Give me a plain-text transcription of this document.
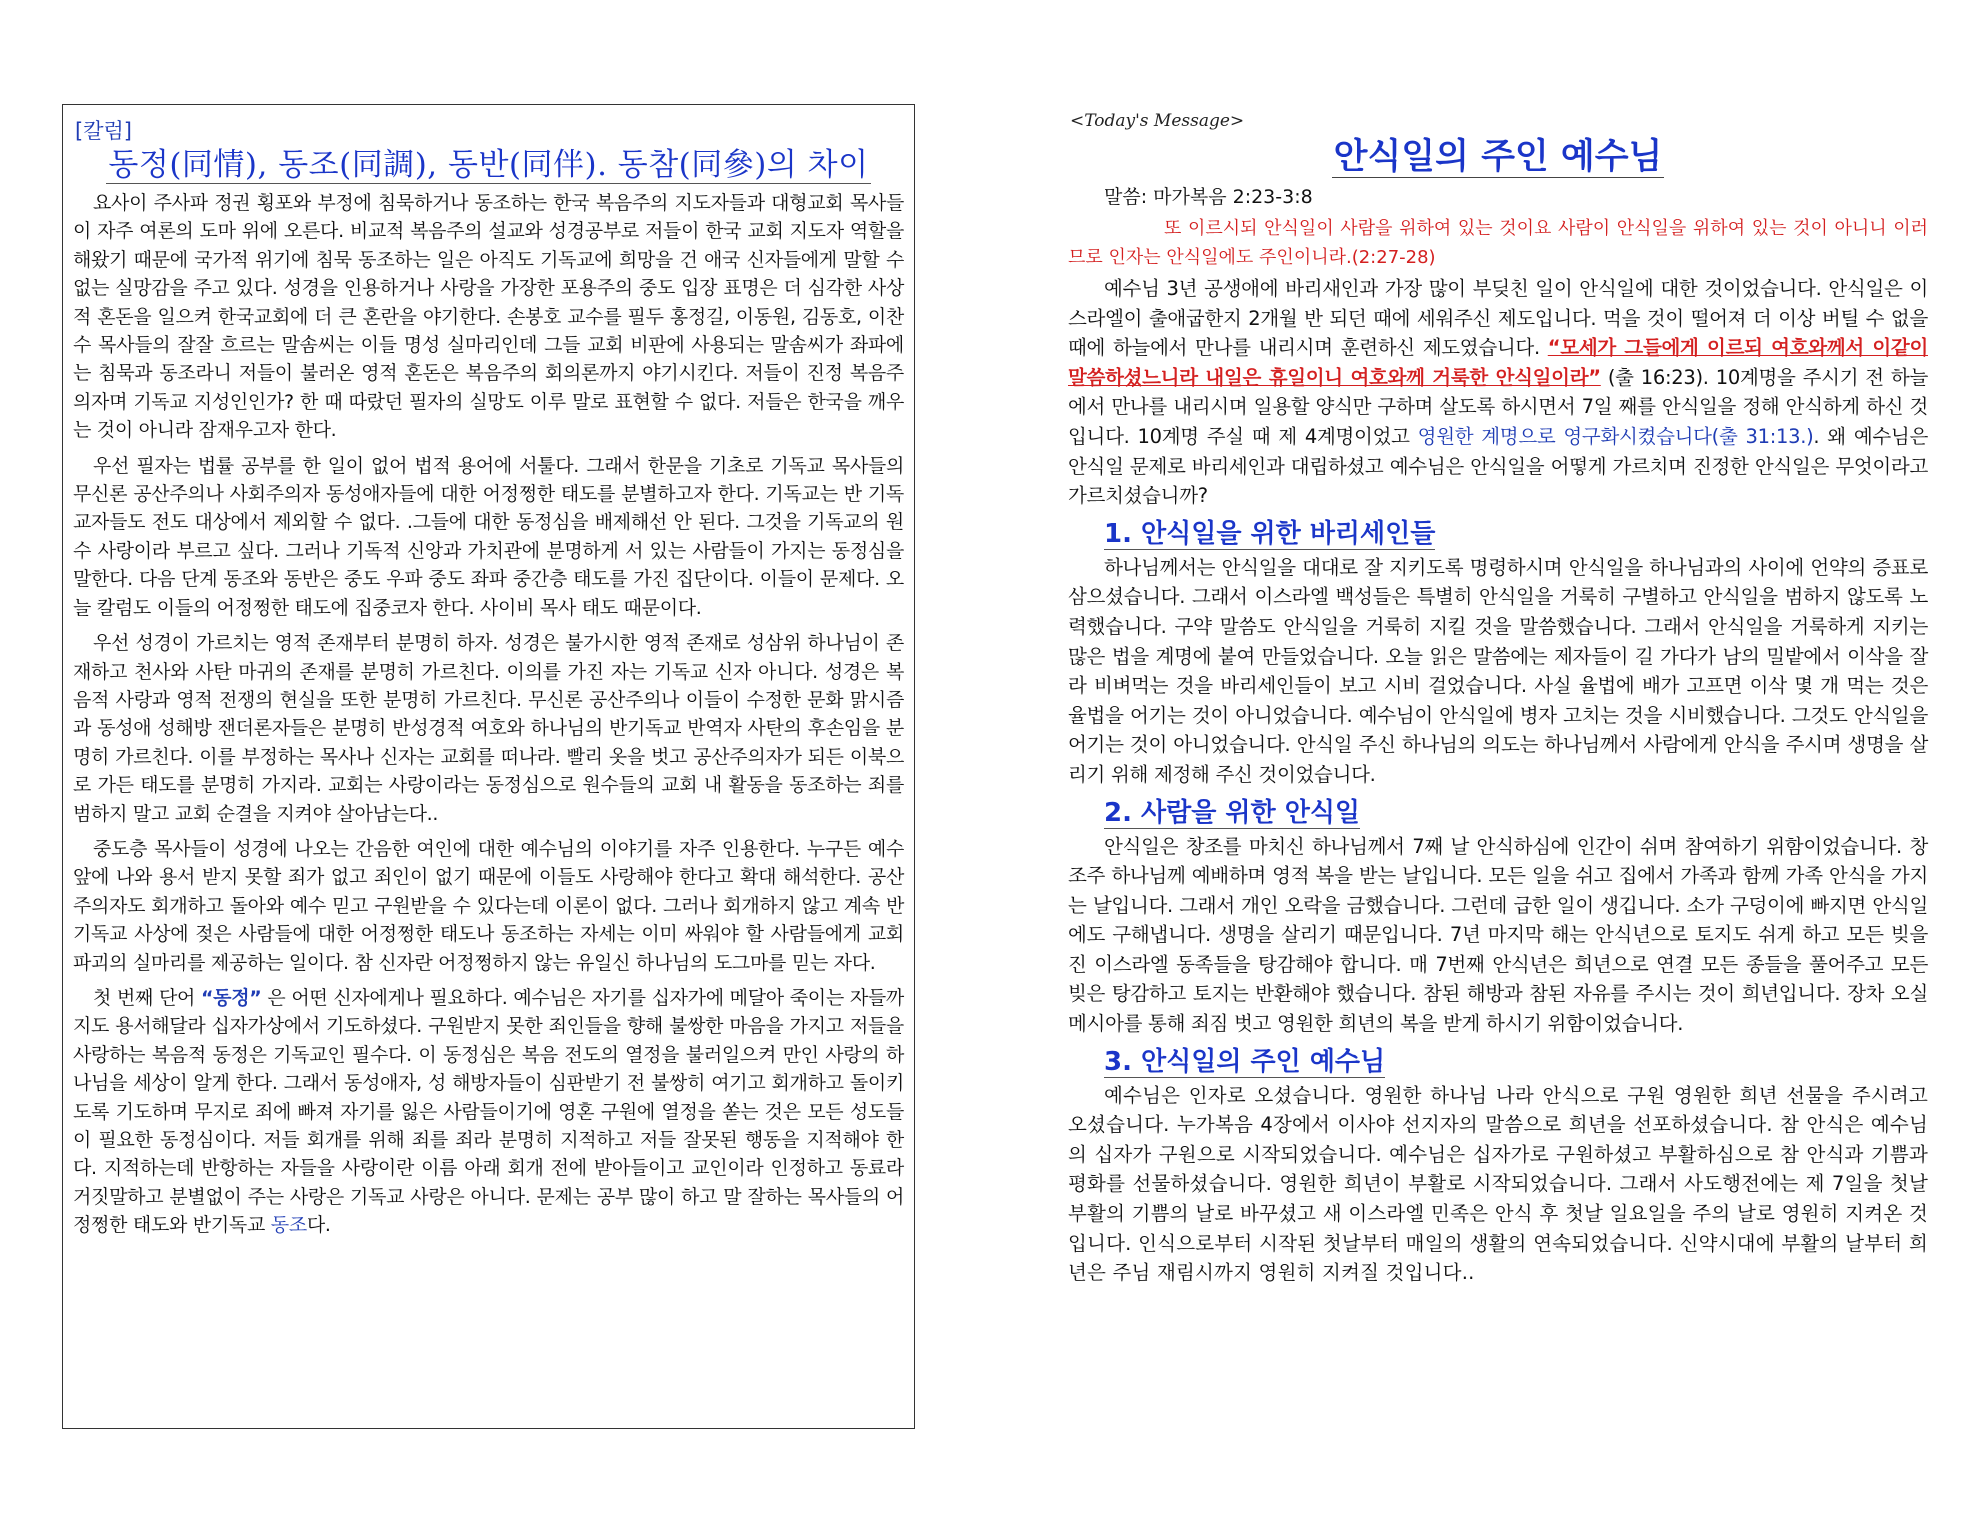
[칼럼]
동정(同情), 동조(同調), 동반(同伴). 동참(同參)의 차이

요사이 주사파 정권 횡포와 부정에 침묵하거나 동조하는 한국 복음주의 지도자들과 대형교회 목사들이 자주 여론의 도마 위에 오른다. 비교적 복음주의 설교와 성경공부로 저들이 한국 교회 지도자 역할을 해왔기 때문에 국가적 위기에 침묵 동조하는 일은 아직도 기독교에 희망을 건 애국 신자들에게 말할 수 없는 실망감을 주고 있다. 성경을 인용하거나 사랑을 가장한 포용주의 중도 입장 표명은 더 심각한 사상적 혼돈을 일으켜 한국교회에 더 큰 혼란을 야기한다. 손봉호 교수를 필두 홍정길, 이동원, 김동호, 이찬수 목사들의 잘잘 흐르는 말솜씨는 이들 명성 실마리인데 그들 교회 비판에 사용되는 말솜씨가 좌파에는 침묵과 동조라니 저들이 불러온 영적 혼돈은 복음주의 회의론까지 야기시킨다. 저들이 진정 복음주의자며 기독교 지성인인가? 한 때 따랐던 필자의 실망도 이루 말로 표현할 수 없다. 저들은 한국을 깨우는 것이 아니라 잠재우고자 한다.

우선 필자는 법률 공부를 한 일이 없어 법적 용어에 서툴다. 그래서 한문을 기초로 기독교 목사들의 무신론 공산주의나 사회주의자 동성애자들에 대한 어정쩡한 태도를 분별하고자 한다. 기독교는 반 기독교자들도 전도 대상에서 제외할 수 없다. .그들에 대한 동정심을 배제해선 안 된다. 그것을 기독교의 원수 사랑이라 부르고 싶다. 그러나 기독적 신앙과 가치관에 분명하게 서 있는 사람들이 가지는 동정심을 말한다. 다음 단계 동조와 동반은 중도 우파 중도 좌파 중간층 태도를 가진 집단이다. 이들이 문제다. 오늘 칼럼도 이들의 어정쩡한 태도에 집중코자 한다. 사이비 목사 태도 때문이다.

우선 성경이 가르치는 영적 존재부터 분명히 하자. 성경은 불가시한 영적 존재로 성삼위 하나님이 존재하고 천사와 사탄 마귀의 존재를 분명히 가르친다. 이의를 가진 자는 기독교 신자 아니다. 성경은 복음적 사랑과 영적 전쟁의 현실을 또한 분명히 가르친다. 무신론 공산주의나 이들이 수정한 문화 맑시즘과 동성애 성해방 잰더론자들은 분명히 반성경적 여호와 하나님의 반기독교 반역자 사탄의 후손임을 분명히 가르친다. 이를 부정하는 목사나 신자는 교회를 떠나라. 빨리 옷을 벗고 공산주의자가 되든 이북으로 가든 태도를 분명히 가지라. 교회는 사랑이라는 동정심으로 원수들의 교회 내 활동을 동조하는 죄를 범하지 말고 교회 순결을 지켜야 살아남는다..

중도층 목사들이 성경에 나오는 간음한 여인에 대한 예수님의 이야기를 자주 인용한다. 누구든 예수 앞에 나와 용서 받지 못할 죄가 없고 죄인이 없기 때문에 이들도 사랑해야 한다고 확대 해석한다. 공산주의자도 회개하고 돌아와 예수 믿고 구원받을 수 있다는데 이론이 없다. 그러나 회개하지 않고 계속 반기독교 사상에 젖은 사람들에 대한 어정쩡한 태도나 동조하는 자세는 이미 싸워야 할 사람들에게 교회 파괴의 실마리를 제공하는 일이다. 참 신자란 어정쩡하지 않는 유일신 하나님의 도그마를 믿는 자다.

첫 번째 단어 “동정” 은 어떤 신자에게나 필요하다. 예수님은 자기를 십자가에 메달아 죽이는 자들까지도 용서해달라 십자가상에서 기도하셨다. 구원받지 못한 죄인들을 향해 불쌍한 마음을 가지고 저들을 사랑하는 복음적 동정은 기독교인 필수다. 이 동정심은 복음 전도의 열정을 불러일으켜 만인 사랑의 하나님을 세상이 알게 한다. 그래서 동성애자, 성 해방자들이 심판받기 전 불쌍히 여기고 회개하고 돌이키도록 기도하며 무지로 죄에 빠져 자기를 잃은 사람들이기에 영혼 구원에 열정을 쏟는 것은 모든 성도들이 필요한 동정심이다. 저들 회개를 위해 죄를 죄라 분명히 지적하고 저들 잘못된 행동을 지적해야 한다. 지적하는데 반항하는 자들을 사랑이란 이름 아래 회개 전에 받아들이고 교인이라 인정하고 동료라 거짓말하고 분별없이 주는 사랑은 기독교 사랑은 아니다. 문제는 공부 많이 하고 말 잘하는 목사들의 어정쩡한 태도와 반기독교 동조다.

<Today's Message>
안식일의 주인 예수님
말씀: 마가복음 2:23-3:8

또 이르시되 안식일이 사람을 위하여 있는 것이요 사람이 안식일을 위하여 있는 것이 아니니 이러므로 인자는 안식일에도 주인이니라.(2:27-28)

예수님 3년 공생애에 바리새인과 가장 많이 부딪친 일이 안식일에 대한 것이었습니다. 안식일은 이스라엘이 출애굽한지 2개월 반 되던 때에 세워주신 제도입니다. 먹을 것이 떨어져 더 이상 버틸 수 없을 때에 하늘에서 만나를 내리시며 훈련하신 제도였습니다. “모세가 그들에게 이르되 여호와께서 이같이 말씀하셨느니라 내일은 휴일이니 여호와께 거룩한 안식일이라” (출 16:23). 10계명을 주시기 전 하늘에서 만나를 내리시며 일용할 양식만 구하며 살도록 하시면서 7일 째를 안식일을 정해 안식하게 하신 것입니다. 10계명 주실 때 제 4계명이었고 영원한 계명으로 영구화시켰습니다(출 31:13.). 왜 예수님은 안식일 문제로 바리세인과 대립하셨고 예수님은 안식일을 어떻게 가르치며 진정한 안식일은 무엇이라고 가르치셨습니까?

1. 안식일을 위한 바리세인들

하나님께서는 안식일을 대대로 잘 지키도록 명령하시며 안식일을 하나님과의 사이에 언약의 증표로 삼으셨습니다. 그래서 이스라엘 백성들은 특별히 안식일을 거룩히 구별하고 안식일을 범하지 않도록 노력했습니다. 구약 말씀도 안식일을 거룩히 지킬 것을 말씀했습니다. 그래서 안식일을 거룩하게 지키는 많은 법을 계명에 붙여 만들었습니다. 오늘 읽은 말씀에는 제자들이 길 가다가 남의 밀밭에서 이삭을 잘라 비벼먹는 것을 바리세인들이 보고 시비 걸었습니다. 사실 율법에 배가 고프면 이삭 몇 개 먹는 것은 율법을 어기는 것이 아니었습니다. 예수님이 안식일에 병자 고치는 것을 시비했습니다. 그것도 안식일을 어기는 것이 아니었습니다. 안식일 주신 하나님의 의도는 하나님께서 사람에게 안식을 주시며 생명을 살리기 위해 제정해 주신 것이었습니다.

2. 사람을 위한 안식일

안식일은 창조를 마치신 하나님께서 7째 날 안식하심에 인간이 쉬며 참여하기 위함이었습니다. 창조주 하나님께 예배하며 영적 복을 받는 날입니다. 모든 일을 쉬고 집에서 가족과 함께 가족 안식을 가지는 날입니다. 그래서 개인 오락을 금했습니다. 그런데 급한 일이 생깁니다. 소가 구덩이에 빠지면 안식일에도 구해냅니다. 생명을 살리기 때문입니다. 7년 마지막 해는 안식년으로 토지도 쉬게 하고 모든 빚을 진 이스라엘 동족들을 탕감해야 합니다. 매 7번째 안식년은 희년으로 연결 모든 종들을 풀어주고 모든 빚은 탕감하고 토지는 반환해야 했습니다. 참된 해방과 참된 자유를 주시는 것이 희년입니다. 장차 오실 메시아를 통해 죄짐 벗고 영원한 희년의 복을 받게 하시기 위함이었습니다.

3. 안식일의 주인 예수님

예수님은 인자로 오셨습니다. 영원한 하나님 나라 안식으로 구원 영원한 희년 선물을 주시려고 오셨습니다. 누가복음 4장에서 이사야 선지자의 말씀으로 희년을 선포하셨습니다. 참 안식은 예수님의 십자가 구원으로 시작되었습니다. 예수님은 십자가로 구원하셨고 부활하심으로 참 안식과 기쁨과 평화를 선물하셨습니다. 영원한 희년이 부활로 시작되었습니다. 그래서 사도행전에는 제 7일을 첫날 부활의 기쁨의 날로 바꾸셨고 새 이스라엘 민족은 안식 후 첫날 일요일을 주의 날로 영원히 지켜온 것입니다. 인식으로부터 시작된 첫날부터 매일의 생활의 연속되었습니다. 신약시대에 부활의 날부터 희년은 주님 재림시까지 영원히 지켜질 것입니다..
